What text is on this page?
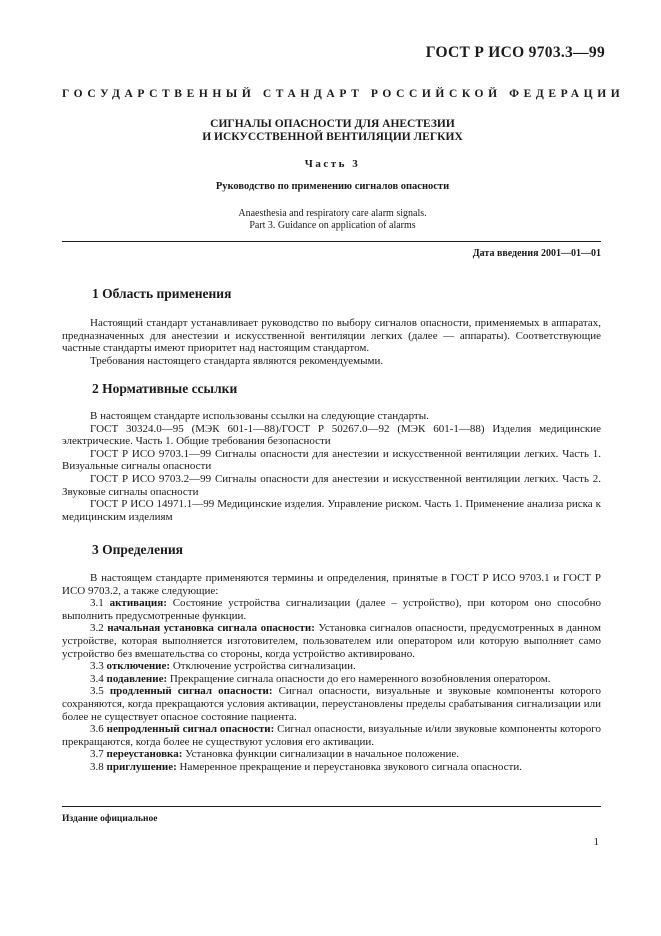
ГОСТ Р ИСО 9703.3—99
ГОСУДАРСТВЕННЫЙ СТАНДАРТ РОССИЙСКОЙ ФЕДЕРАЦИИ
СИГНАЛЫ ОПАСНОСТИ ДЛЯ АНЕСТЕЗИИ
И ИСКУССТВЕННОЙ ВЕНТИЛЯЦИИ ЛЕГКИХ
Часть 3
Руководство по применению сигналов опасности
Anaesthesia and respiratory care alarm signals.
Part 3. Guidance on application of alarms
Дата введения 2001—01—01
1 Область применения

Настоящий стандарт устанавливает руководство по выбору сигналов опасности, применяемых в аппаратах, предназначенных для анестезии и искусственной вентиляции легких (далее — аппараты). Соответствующие частные стандарты имеют приоритет над настоящим стандартом.

Требования настоящего стандарта являются рекомендуемыми.

2 Нормативные ссылки

В настоящем стандарте использованы ссылки на следующие стандарты.

ГОСТ 30324.0—95 (МЭК 601-1—88)/ГОСТ Р 50267.0—92 (МЭК 601-1—88) Изделия медицинские электрические. Часть 1. Общие требования безопасности

ГОСТ Р ИСО 9703.1—99 Сигналы опасности для анестезии и искусственной вентиляции легких. Часть 1. Визуальные сигналы опасности

ГОСТ Р ИСО 9703.2—99 Сигналы опасности для анестезии и искусственной вентиляции легких. Часть 2. Звуковые сигналы опасности

ГОСТ Р ИСО 14971.1—99 Медицинские изделия. Управление риском. Часть 1. Применение анализа риска к медицинским изделиям

3 Определения

В настоящем стандарте применяются термины и определения, принятые в ГОСТ Р ИСО 9703.1 и ГОСТ Р ИСО 9703.2, а также следующие:

3.1 активация: Состояние устройства сигнализации (далее – устройство), при котором оно способно выполнить предусмотренные функции.

3.2 начальная установка сигнала опасности: Установка сигналов опасности, предусмотренных в данном устройстве, которая выполняется изготовителем, пользователем или оператором или которую выполняет само устройство без вмешательства со стороны, когда устройство активировано.

3.3 отключение: Отключение устройства сигнализации.

3.4 подавление: Прекращение сигнала опасности до его намеренного возобновления оператором.

3.5 продленный сигнал опасности: Сигнал опасности, визуальные и звуковые компоненты которого сохраняются, когда прекращаются условия активации, переустановлены пределы срабатывания сигнализации или более не существует опасное состояние пациента.

3.6 непродленный сигнал опасности: Сигнал опасности, визуальные и/или звуковые компоненты которого прекращаются, когда более не существуют условия его активации.

3.7 переустановка: Установка функции сигнализации в начальное положение.

3.8 приглушение: Намеренное прекращение и переустановка звукового сигнала опасности.

Издание официальное
1
